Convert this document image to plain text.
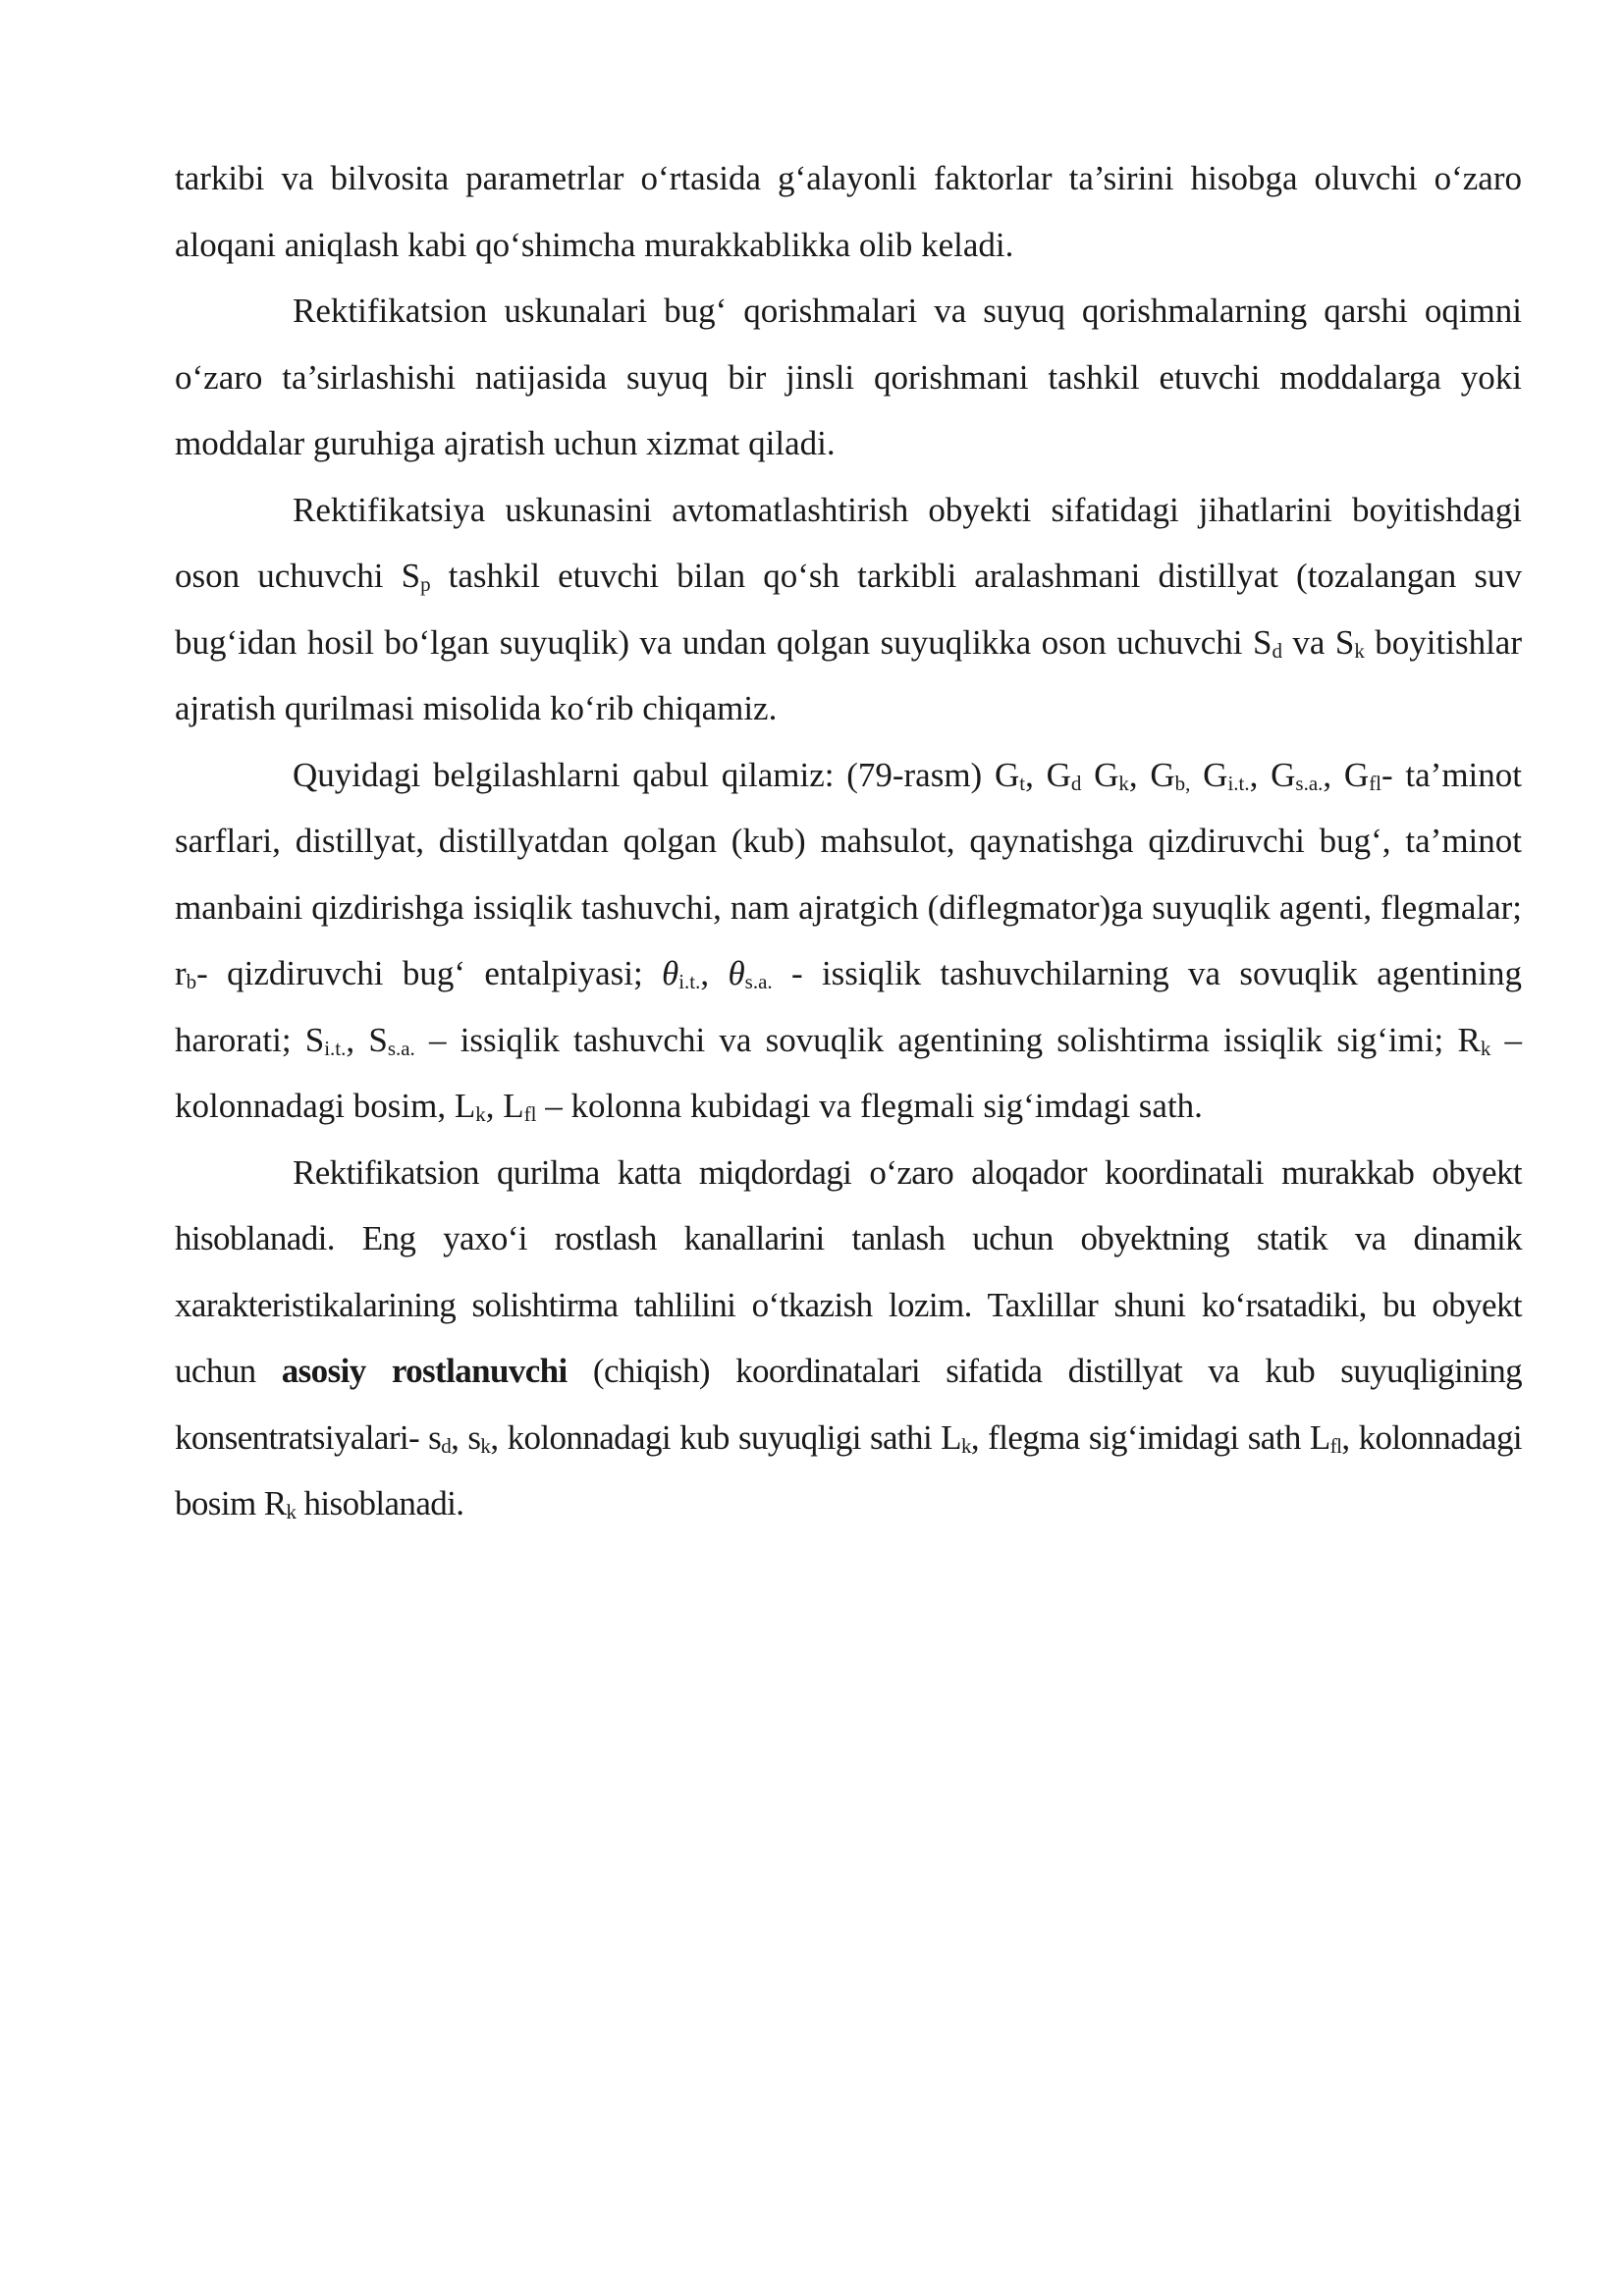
tarkibi va bilvosita parametrlar o‘rtasida g‘alayonli faktorlar ta’sirini hisobga oluvchi o‘zaro aloqani aniqlash kabi qo‘shimcha murakkablikka olib keladi.

Rektifikatsion uskunalari bug‘ qorishmalari va suyuq qorishmalarning qarshi oqimni o‘zaro ta’sirlashishi natijasida suyuq bir jinsli qorishmani tashkil etuvchi moddalarga yoki moddalar guruhiga ajratish uchun xizmat qiladi.

Rektifikatsiya uskunasini avtomatlashtirish obyekti sifatidagi jihatlarini boyitishdagi oson uchuvchi Sp tashkil etuvchi bilan qo‘sh tarkibli aralashmani distillyat (tozalangan suv bug‘idan hosil bo‘lgan suyuqlik) va undan qolgan suyuqlikka oson uchuvchi Sd va Sk boyitishlar ajratish qurilmasi misolida ko‘rib chiqamiz.

Quyidagi belgilashlarni qabul qilamiz: (79-rasm) Gt, Gd Gk, Gb, Gi.t., Gs.a., Gfl- ta’minot sarflari, distillyat, distillyatdan qolgan (kub) mahsulot, qaynatishga qizdiruvchi bug‘, ta’minot manbaini qizdirishga issiqlik tashuvchi, nam ajratgich (diflegmator)ga suyuqlik agenti, flegmalar; rb- qizdiruvchi bug‘ entalpiyasi; θi.t., θs.a. - issiqlik tashuvchilarning va sovuqlik agentining harorati; Si.t., Ss.a. – issiqlik tashuvchi va sovuqlik agentining solishtirma issiqlik sig‘imi; Rk – kolonnadagi bosim, Lk, Lfl – kolonna kubidagi va flegmali sig‘imdagi sath.

Rektifikatsion qurilma katta miqdordagi o‘zaro aloqador koordinatali murakkab obyekt hisoblanadi. Eng yaxo‘i rostlash kanallarini tanlash uchun obyektning statik va dinamik xarakteristikalarining solishtirma tahlilini o‘tkazish lozim. Taxlillar shuni ko‘rsatadiki, bu obyekt uchun asosiy rostlanuvchi (chiqish) koordinatalari sifatida distillyat va kub suyuqligining konsentratsiyalari- sd, sk, kolonnadagi kub suyuqligi sathi Lk, flegma sig‘imidagi sath Lfl, kolonnadagi bosim Rk hisoblanadi.
